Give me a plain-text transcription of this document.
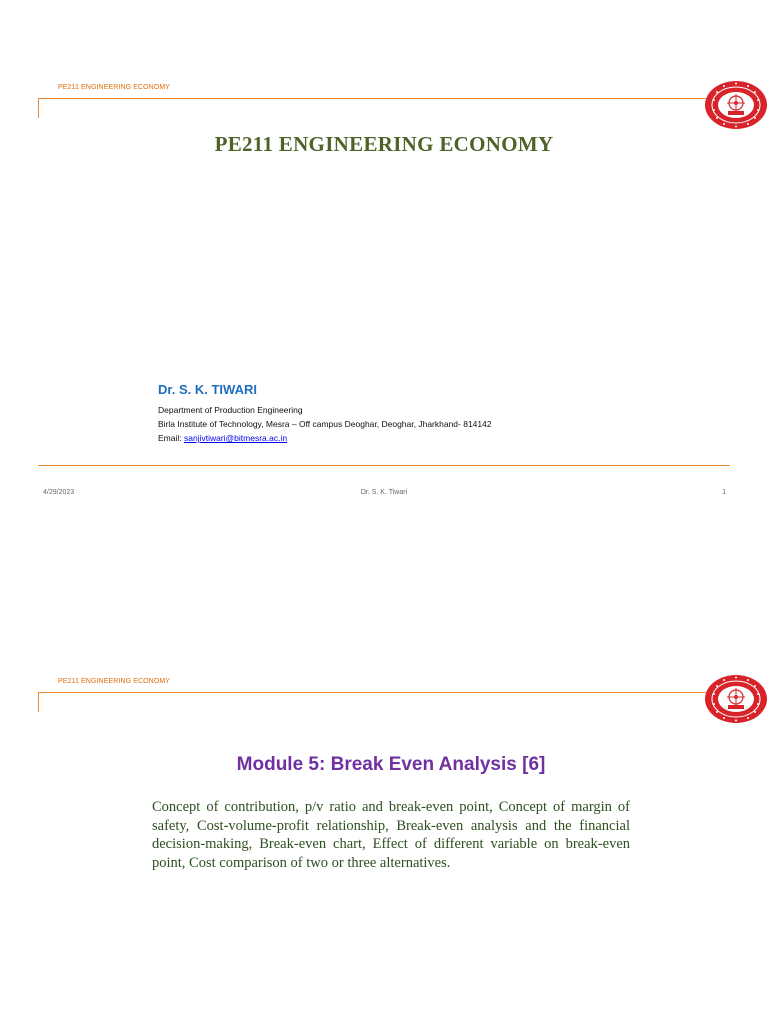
PE211 ENGINEERING ECONOMY
PE211 ENGINEERING ECONOMY
Dr. S. K. TIWARI
Department of Production Engineering
Birla Institute of Technology, Mesra – Off campus Deoghar, Deoghar, Jharkhand- 814142
Email: sanjivtiwari@bitmesra.ac.in
4/29/2023	Dr. S. K. Tiwari	1
PE211 ENGINEERING ECONOMY
Module 5: Break Even Analysis [6]
Concept of contribution, p/v ratio and break-even point, Concept of margin of safety, Cost-volume-profit relationship, Break-even analysis and the financial decision-making, Break-even chart, Effect of different variable on break-even point, Cost comparison of two or three alternatives.
